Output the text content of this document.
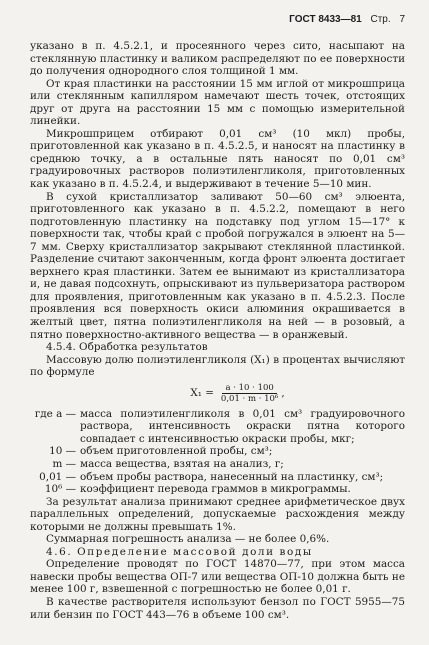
ГОСТ 8433—81 Стр. 7

указано в п. 4.5.2.1, и просеянного через сито, насыпают на стеклянную пластинку и валиком распределяют по ее поверхности до получения однородного слоя толщиной 1 мм.

От края пластинки на расстоянии 15 мм иглой от микрошприца или стеклянным капилляром намечают шесть точек, отстоящих друг от друга на расстоянии 15 мм с помощью измерительной линейки.

Микрошприцем отбирают 0,01 см³ (10 мкл) пробы, приготовленной как указано в п. 4.5.2.5, и наносят на пластинку в среднюю точку, а в остальные пять наносят по 0,01 см³ градуировочных растворов полиэтиленгликоля, приготовленных как указано в п. 4.5.2.4, и выдерживают в течение 5—10 мин.

В сухой кристаллизатор заливают 50—60 см³ элюента, приготовленного как указано в п. 4.5.2.2, помещают в него подготовленную пластинку на подставку под углом 15—17° к поверхности так, чтобы край с пробой погружался в элюент на 5—7 мм. Сверху кристаллизатор закрывают стеклянной пластинкой. Разделение считают законченным, когда фронт элюента достигает верхнего края пластинки. Затем ее вынимают из кристаллизатора и, не давая подсохнуть, опрыскивают из пульверизатора раствором для проявления, приготовленным как указано в п. 4.5.2.3. После проявления вся поверхность окиси алюминия окрашивается в желтый цвет, пятна полиэтиленгликоля на ней — в розовый, а пятно поверхностно-активного вещества — в оранжевый.

4.5.4. Обработка результатов

Массовую долю полиэтиленгликоля (X₁) в процентах вычисляют по формуле

$X_1 = \frac{a \cdot 10 \cdot 100}{\text{0,01 · m · 10⁶}}$ ,
где a — масса полиэтиленгликоля в 0,01 см³ градуировочного раствора, интенсивность окраски пятна которого совпадает с интенсивностью окраски пробы, мкг;
10 — объем приготовленной пробы, см³;
m — масса вещества, взятая на анализ, г;
0,01 — объем пробы раствора, нанесенный на пластинку, см³;
10⁶ — коэффициент перевода граммов в микрограммы.

За результат анализа принимают среднее арифметическое двух параллельных определений, допускаемые расхождения между которыми не должны превышать 1%.

Суммарная погрешность анализа — не более 0,6%.

4.6. Определение массовой доли воды

Определение проводят по ГОСТ 14870—77, при этом масса навески пробы вещества ОП-7 или вещества ОП-10 должна быть не менее 100 г, взвешенной с погрешностью не более 0,01 г.

В качестве растворителя используют бензол по ГОСТ 5955—75 или бензин по ГОСТ 443—76 в объеме 100 см³.
